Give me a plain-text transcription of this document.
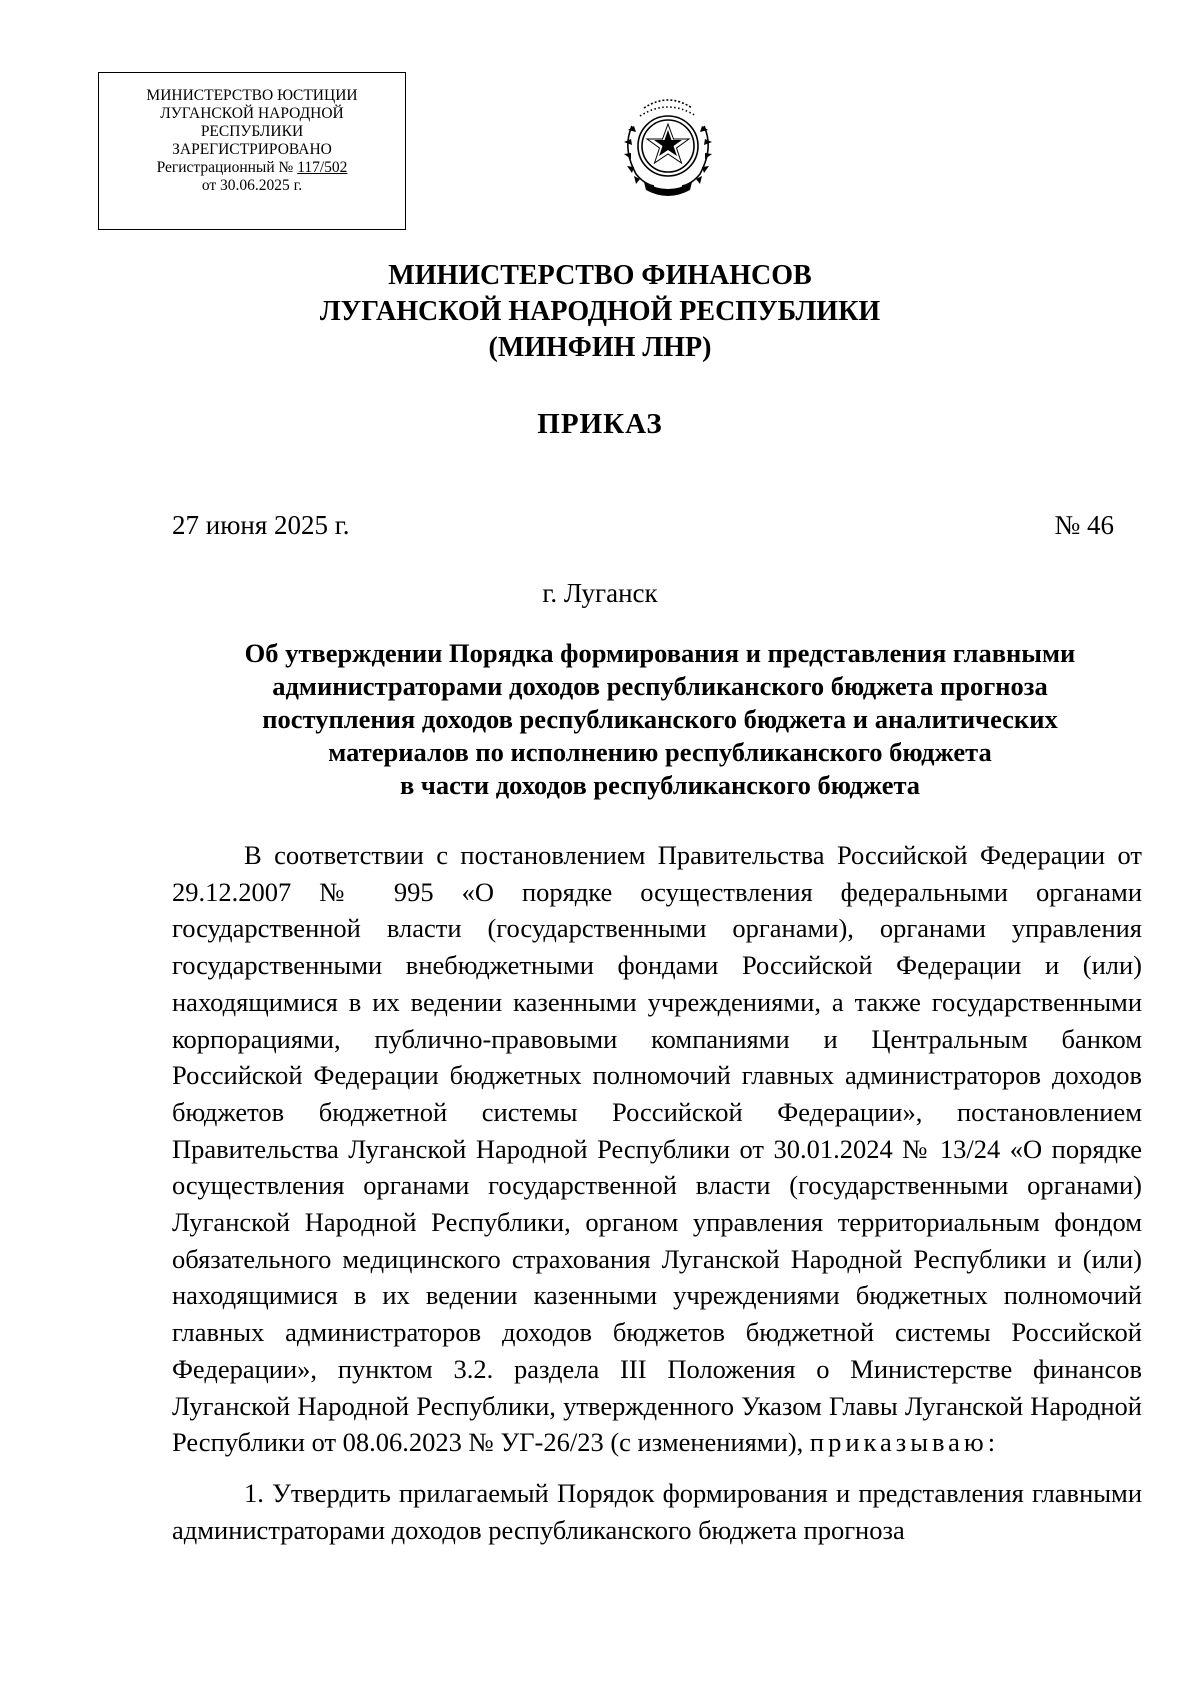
МИНИСТЕРСТВО ЮСТИЦИИ
ЛУГАНСКОЙ НАРОДНОЙ
РЕСПУБЛИКИ
ЗАРЕГИСТРИРОВАНО
Регистрационный № 117/502
от 30.06.2025 г.
МИНИСТЕРСТВО ФИНАНСОВ
ЛУГАНСКОЙ НАРОДНОЙ РЕСПУБЛИКИ
(МИНФИН ЛНР)
ПРИКАЗ
27 июня 2025 г.	№ 46
г. Луганск
Об утверждении Порядка формирования и представления главными
администраторами доходов республиканского бюджета прогноза
поступления доходов республиканского бюджета и аналитических
материалов по исполнению республиканского бюджета
в части доходов республиканского бюджета

В соответствии с постановлением Правительства Российской Федерации от 29.12.2007 № 995 «О порядке осуществления федеральными органами государственной власти (государственными органами), органами управления государственными внебюджетными фондами Российской Федерации и (или) находящимися в их ведении казенными учреждениями, а также государственными корпорациями, публично-правовыми компаниями и Центральным банком Российской Федерации бюджетных полномочий главных администраторов доходов бюджетов бюджетной системы Российской Федерации», постановлением Правительства Луганской Народной Республики от 30.01.2024 № 13/24 «О порядке осуществления органами государственной власти (государственными органами) Луганской Народной Республики, органом управления территориальным фондом обязательного медицинского страхования Луганской Народной Республики и (или) находящимися в их ведении казенными учреждениями бюджетных полномочий главных администраторов доходов бюджетов бюджетной системы Российской Федерации», пунктом 3.2. раздела III Положения о Министерстве финансов Луганской Народной Республики, утвержденного Указом Главы Луганской Народной Республики от 08.06.2023 № УГ-26/23 (с изменениями), приказываю:

1. Утвердить прилагаемый Порядок формирования и представления главными администраторами доходов республиканского бюджета прогноза
